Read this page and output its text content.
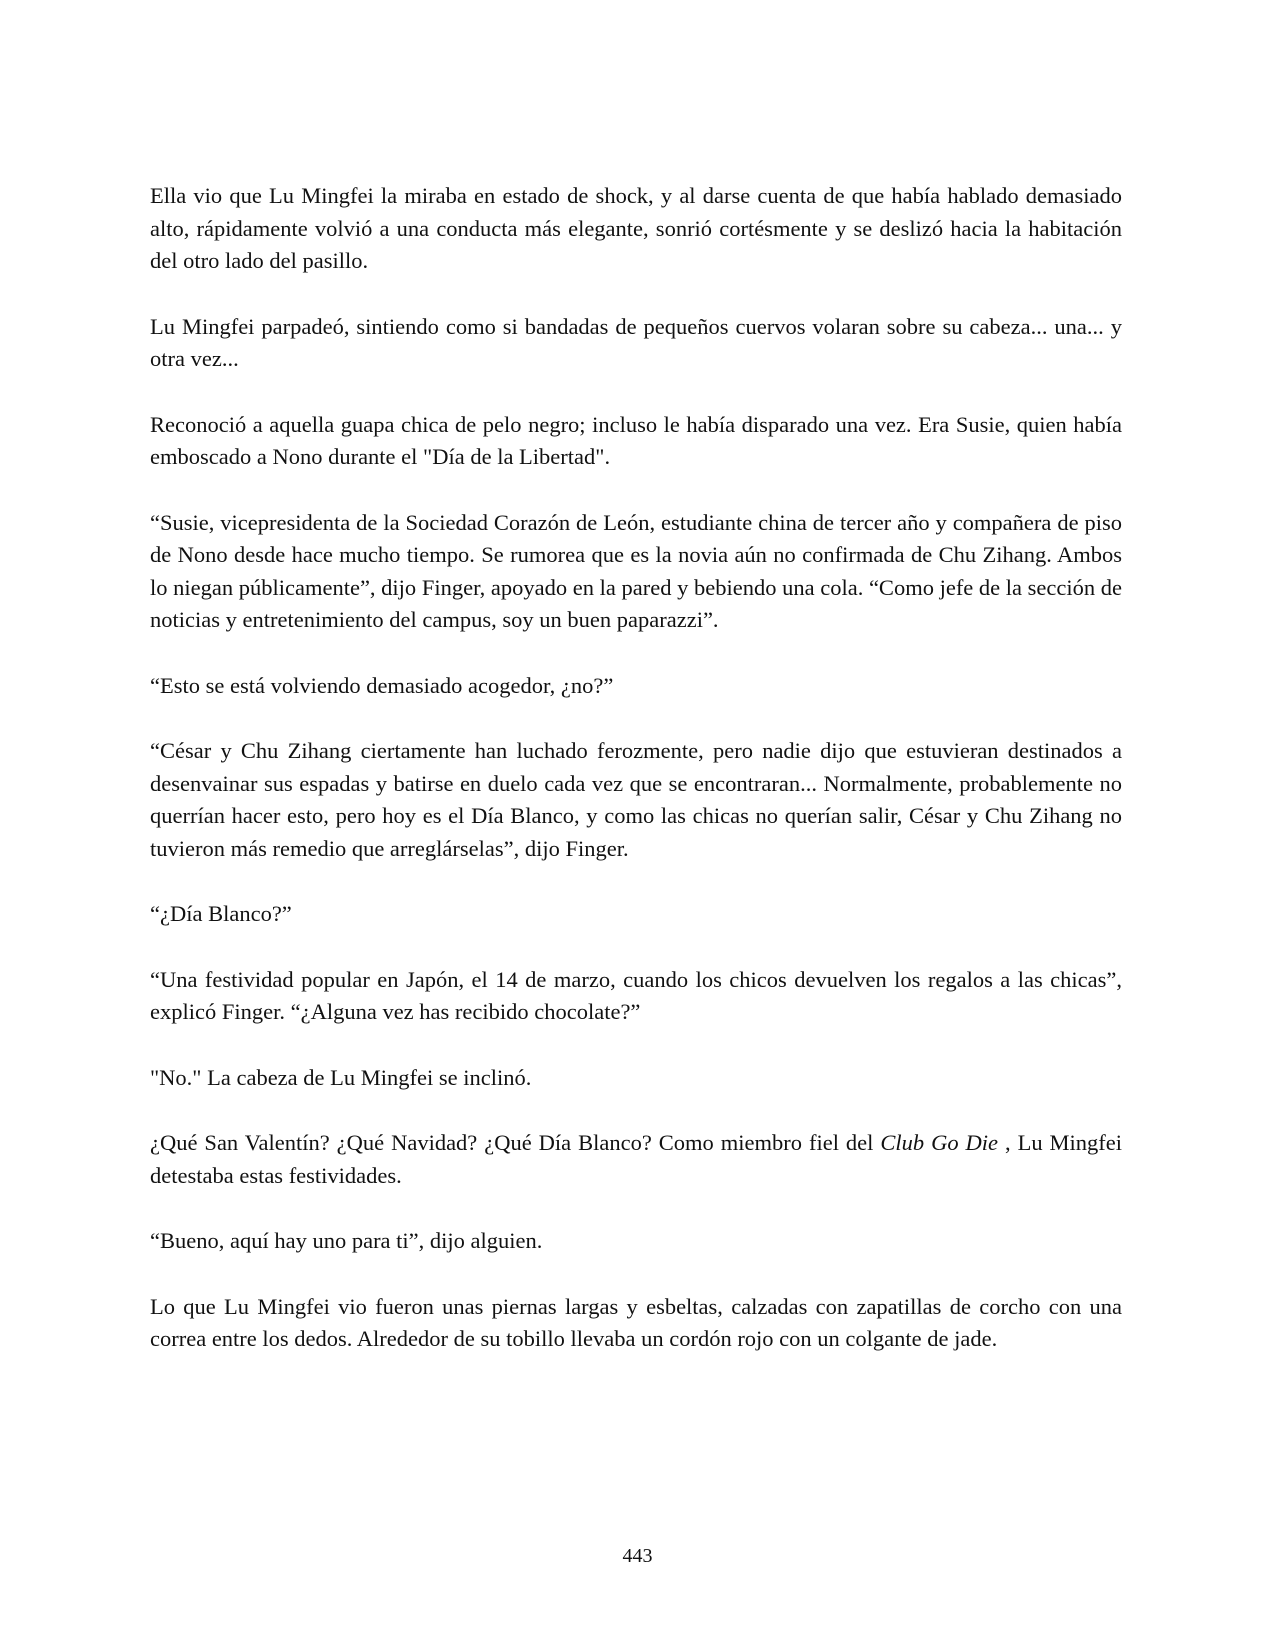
Ella vio que Lu Mingfei la miraba en estado de shock, y al darse cuenta de que había hablado demasiado alto, rápidamente volvió a una conducta más elegante, sonrió cortésmente y se deslizó hacia la habitación del otro lado del pasillo.

Lu Mingfei parpadeó, sintiendo como si bandadas de pequeños cuervos volaran sobre su cabeza... una... y otra vez...

Reconoció a aquella guapa chica de pelo negro; incluso le había disparado una vez. Era Susie, quien había emboscado a Nono durante el "Día de la Libertad".

“Susie, vicepresidenta de la Sociedad Corazón de León, estudiante china de tercer año y compañera de piso de Nono desde hace mucho tiempo. Se rumorea que es la novia aún no confirmada de Chu Zihang. Ambos lo niegan públicamente”, dijo Finger, apoyado en la pared y bebiendo una cola. “Como jefe de la sección de noticias y entretenimiento del campus, soy un buen paparazzi”.

“Esto se está volviendo demasiado acogedor, ¿no?”

“César y Chu Zihang ciertamente han luchado ferozmente, pero nadie dijo que estuvieran destinados a desenvainar sus espadas y batirse en duelo cada vez que se encontraran... Normalmente, probablemente no querrían hacer esto, pero hoy es el Día Blanco, y como las chicas no querían salir, César y Chu Zihang no tuvieron más remedio que arreglárselas”, dijo Finger.

“¿Día Blanco?”

“Una festividad popular en Japón, el 14 de marzo, cuando los chicos devuelven los regalos a las chicas”, explicó Finger. “¿Alguna vez has recibido chocolate?”

"No." La cabeza de Lu Mingfei se inclinó.

¿Qué San Valentín? ¿Qué Navidad? ¿Qué Día Blanco? Como miembro fiel del Club Go Die , Lu Mingfei detestaba estas festividades.

“Bueno, aquí hay uno para ti”, dijo alguien.

Lo que Lu Mingfei vio fueron unas piernas largas y esbeltas, calzadas con zapatillas de corcho con una correa entre los dedos. Alrededor de su tobillo llevaba un cordón rojo con un colgante de jade.

443
